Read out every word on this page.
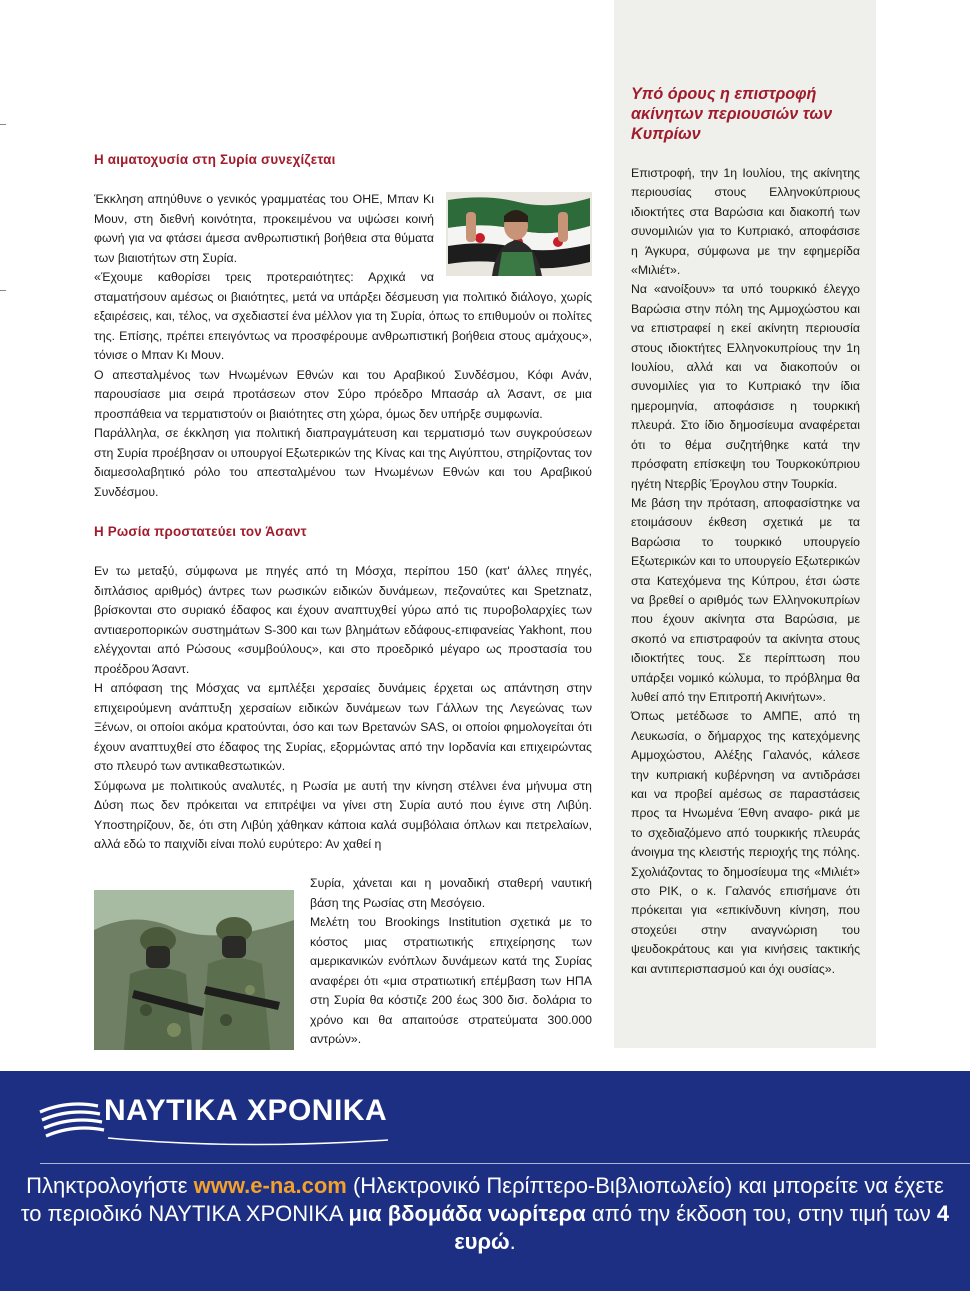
Η αιματοχυσία στη Συρία συνεχίζεται

Έκκληση απηύθυνε ο γενικός γραμματέας του ΟΗΕ, Μπαν Κι Μουν, στη διεθνή κοινότητα, προκειμένου να υψώσει κοινή φωνή για να φτάσει άμεσα ανθρωπιστική βοήθεια στα θύματα των βιαιοτήτων στη Συρία.

«Έχουμε καθορίσει τρεις προτεραιότητες: Αρχικά να σταματήσουν αμέσως οι βιαιότητες, μετά να υπάρξει δέσμευση για πολιτικό διάλογο, χωρίς εξαιρέσεις, και, τέλος, να σχεδιαστεί ένα μέλλον για τη Συρία, όπως το επιθυμούν οι πολίτες της. Επίσης, πρέπει επειγόντως να προσφέρουμε ανθρωπιστική βοήθεια στους αμάχους», τόνισε ο Μπαν Κι Μουν.

Ο απεσταλμένος των Ηνωμένων Εθνών και του Αραβικού Συνδέσμου, Κόφι Ανάν, παρουσίασε μια σειρά προτάσεων στον Σύρο πρόεδρο Μπασάρ αλ Άσαντ, σε μια προσπάθεια να τερματιστούν οι βιαιότητες στη χώρα, όμως δεν υπήρξε συμφωνία.

Παράλληλα, σε έκκληση για πολιτική διαπραγμάτευση και τερματισμό των συγκρούσεων στη Συρία προέβησαν οι υπουργοί Εξωτερικών της Κίνας και της Αιγύπτου, στηρίζοντας τον διαμεσολαβητικό ρόλο του απεσταλμένου των Ηνωμένων Εθνών και του Αραβικού Συνδέσμου.

Η Ρωσία προστατεύει τον Άσαντ

Εν τω μεταξύ, σύμφωνα με πηγές από τη Μόσχα, περίπου 150 (κατ' άλλες πηγές, διπλάσιος αριθμός) άντρες των ρωσικών ειδικών δυνάμεων, πεζοναύτες και Spetznatz, βρίσκονται στο συριακό έδαφος και έχουν αναπτυχθεί γύρω από τις πυροβολαρχίες των αντιαεροπορικών συστημάτων S-300 και των βλημάτων εδάφους-επιφανείας Yakhont, που ελέγχονται από Ρώσους «συμβούλους», και στο προεδρικό μέγαρο ως προστασία του προέδρου Άσαντ.

Η απόφαση της Μόσχας να εμπλέξει χερσαίες δυνάμεις έρχεται ως απάντηση στην επιχειρούμενη ανάπτυξη χερσαίων ειδικών δυνάμεων των Γάλλων της Λεγεώνας των Ξένων, οι οποίοι ακόμα κρατούνται, όσο και των Βρετανών SAS, οι οποίοι φημολογείται ότι έχουν αναπτυχθεί στο έδαφος της Συρίας, εξορμώντας από την Ιορδανία και επιχειρώντας στο πλευρό των αντικαθεστωτικών.

Σύμφωνα με πολιτικούς αναλυτές, η Ρωσία με αυτή την κίνηση στέλνει ένα μήνυμα στη Δύση πως δεν πρόκειται να επιτρέψει να γίνει στη Συρία αυτό που έγινε στη Λιβύη. Υποστηρίζουν, δε, ότι στη Λιβύη χάθηκαν κάποια καλά συμβόλαια όπλων και πετρελαίων, αλλά εδώ το παιχνίδι είναι πολύ ευρύτερο: Αν χαθεί η

Συρία, χάνεται και η μοναδική σταθερή ναυτική βάση της Ρωσίας στη Μεσόγειο.

Μελέτη του Brookings Institution σχετικά με το κόστος μιας στρατιωτικής επιχείρησης των αμερικανικών ενόπλων δυνάμεων κατά της Συρίας αναφέρει ότι «μια στρατιωτική επέμβαση των ΗΠΑ στη Συρία θα κόστιζε 200 έως 300 δισ. δολάρια το χρόνο και θα απαιτούσε στρατεύματα 300.000 αντρών».

Υπό όρους η επιστροφή ακίνητων περιουσιών των Κυπρίων

Επιστροφή, την 1η Ιουλίου, της ακίνητης περιουσίας στους Ελληνοκύπριους ιδιοκτήτες στα Βαρώσια και διακοπή των συνομιλιών για το Κυπριακό, αποφάσισε η Άγκυρα, σύμφωνα με την εφημερίδα «Μιλιέτ».

Να «ανοίξουν» τα υπό τουρκικό έλεγχο Βαρώσια στην πόλη της Αμμοχώστου και να επιστραφεί η εκεί ακίνητη περιουσία στους ιδιοκτήτες Ελληνοκυπρίους την 1η Ιουλίου, αλλά και να διακοπούν οι συνομιλίες για το Κυπριακό την ίδια ημερομηνία, αποφάσισε η τουρκική πλευρά. Στο ίδιο δημοσίευμα αναφέρεται ότι το θέμα συζητήθηκε κατά την πρόσφατη επίσκεψη του Τουρκοκύπριου ηγέτη Ντερβίς Έρογλου στην Τουρκία.

Με βάση την πρόταση, αποφασίστηκε να ετοιμάσουν έκθεση σχετικά με τα Βαρώσια το τουρκικό υπουργείο Εξωτερικών και το υπουργείο Εξωτερικών στα Κατεχόμενα της Κύπρου, έτσι ώστε να βρεθεί ο αριθμός των Ελληνοκυπρίων που έχουν ακίνητα στα Βαρώσια, με σκοπό να επιστραφούν τα ακίνητα στους ιδιοκτήτες τους. Σε περίπτωση που υπάρξει νομικό κώλυμα, το πρόβλημα θα λυθεί από την Επιτροπή Ακινήτων».

Όπως μετέδωσε το ΑΜΠΕ, από τη Λευκωσία, ο δήμαρχος της κατεχόμενης Αμμοχώστου, Αλέξης Γαλανός, κάλεσε την κυπριακή κυβέρνηση να αντιδράσει και να προβεί αμέσως σε παραστάσεις προς τα Ηνωμένα Έθνη αναφο- ρικά με το σχεδιαζόμενο από τουρκικής πλευράς άνοιγμα της κλειστής περιοχής της πόλης. Σχολιάζοντας το δημοσίευμα της «Μιλιέτ» στο ΡΙΚ, ο κ. Γαλανός επισήμανε ότι πρόκειται για «επικίνδυνη κίνηση, που στοχεύει στην αναγνώριση του ψευδοκράτους και για κινήσεις τακτικής και αντιπερισπασμού και όχι ουσίας».

ΝΑΥΤΙΚΑ ΧΡΟΝΙΚΑ

Πληκτρολογήστε www.e-na.com (Ηλεκτρονικό Περίπτερο-Βιβλιοπωλείο) και μπορείτε να έχετε το περιοδικό ΝΑΥΤΙΚΑ ΧΡΟΝΙΚΑ μια βδομάδα νωρίτερα από την έκδοση του, στην τιμή των 4 ευρώ.
